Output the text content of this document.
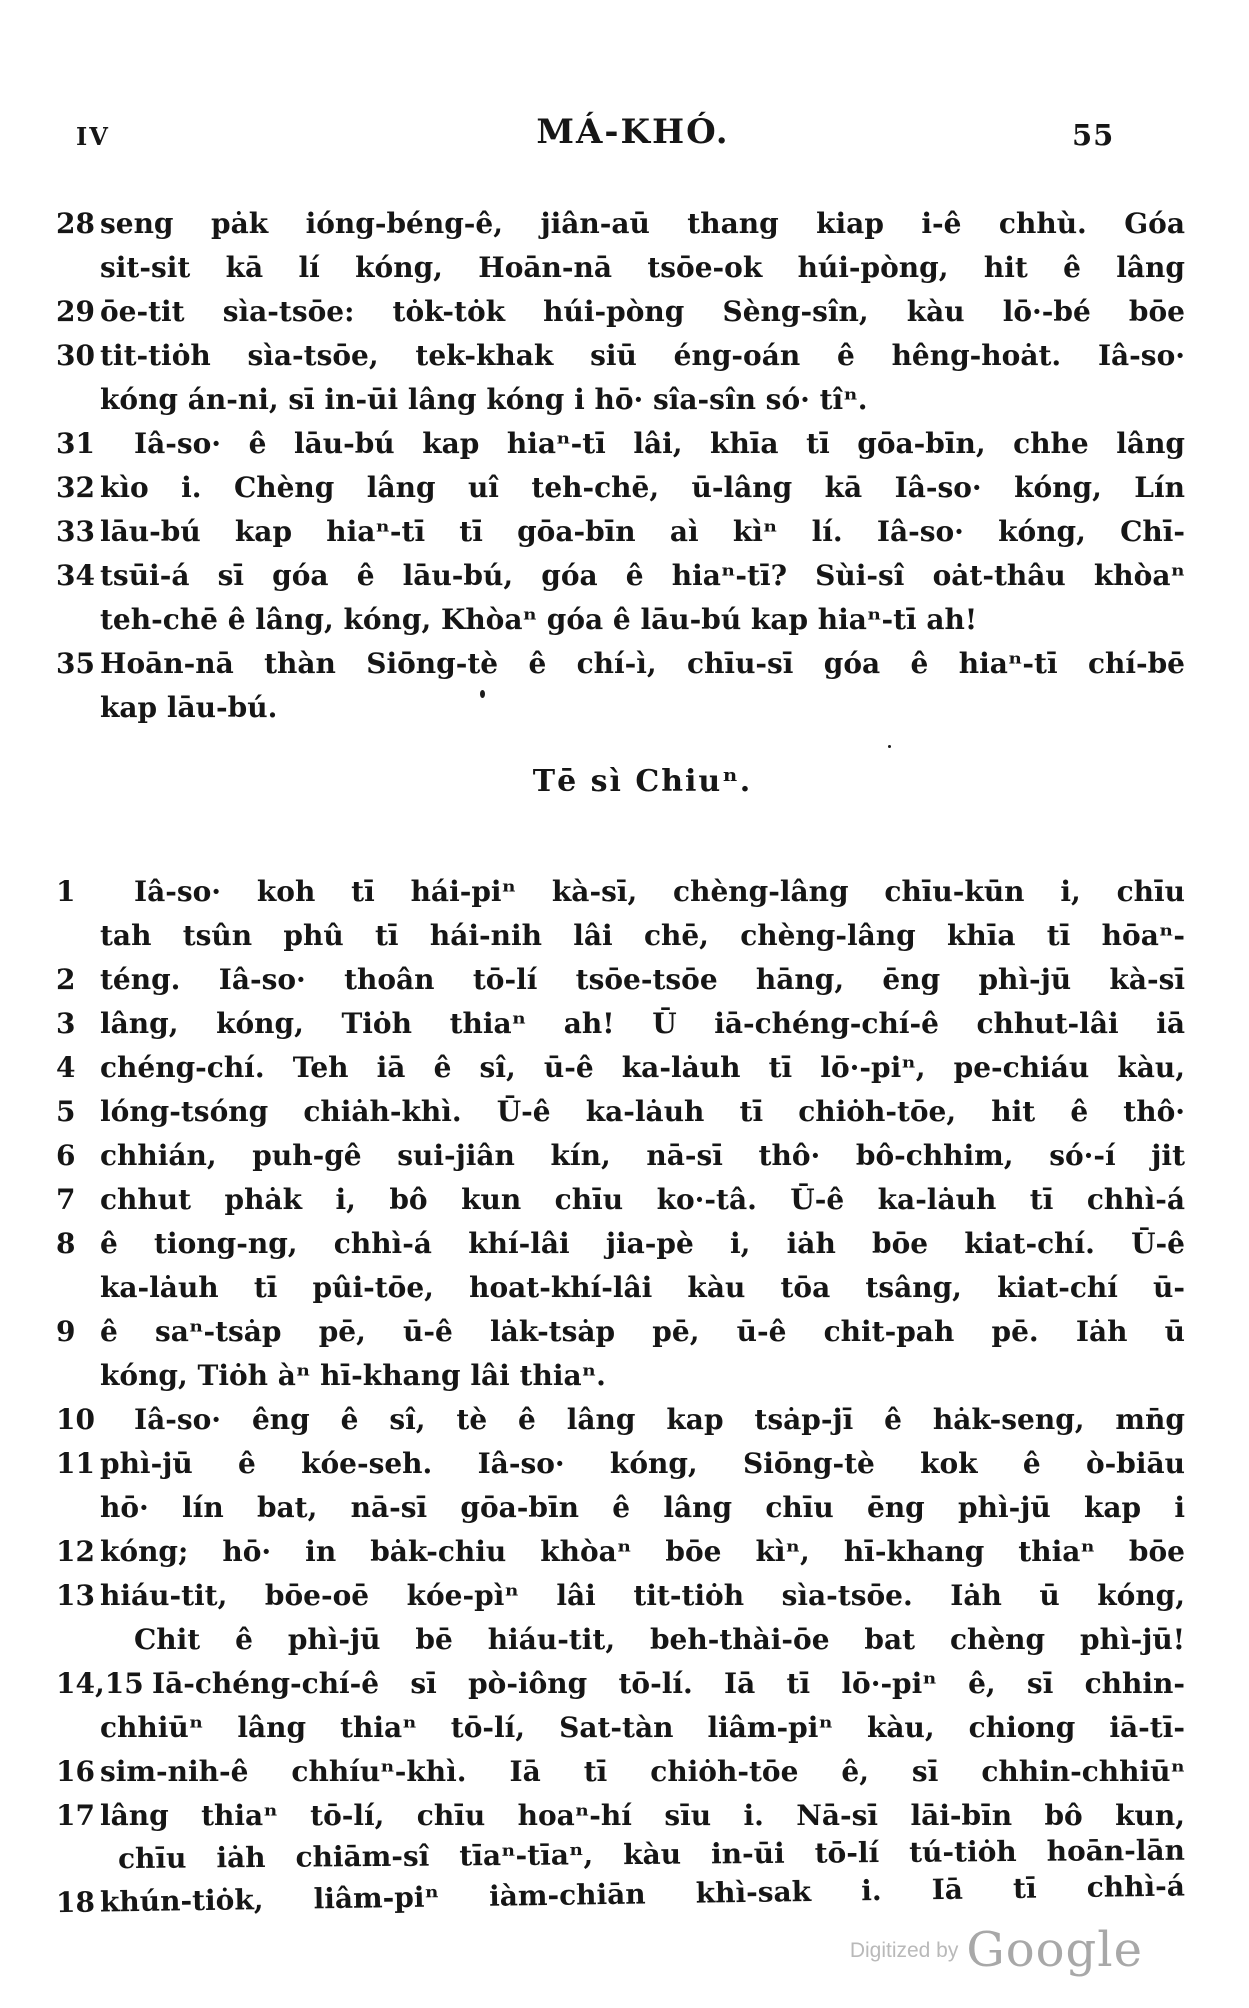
IV	MÁ-KHÓ.	55
28 seng pȧk ióng-béng-ê, jiân-aū thang kiap i-ê chhù. Góa
sit-sit kā lí kóng, Hoān-nā tsōe-ok húi-pòng, hit ê lâng
29 ōe-tit sìa-tsōe: tȯk-tȯk húi-pòng Sèng-sîn, kàu lō·-bé bōe
30 tit-tiȯh sìa-tsōe, tek-khak siū éng-oán ê hêng-hoȧt. Iâ-so·
kóng án-ni, sī in-ūi lâng kóng i hō· sîa-sîn só· tîⁿ.
31	Iâ-so· ê lāu-bú kap hiaⁿ-tī lâi, khīa tī gōa-bīn, chhe lâng
32 kìo i. Chèng lâng uî teh-chē, ū-lâng kā Iâ-so· kóng, Lín
33 lāu-bú kap hiaⁿ-tī tī gōa-bīn aì kìⁿ lí. Iâ-so· kóng, Chī-
34 tsūi-á sī góa ê lāu-bú, góa ê hiaⁿ-tī? Sùi-sî oȧt-thâu khòaⁿ
teh-chē ê lâng, kóng, Khòaⁿ góa ê lāu-bú kap hiaⁿ-tī ah!
35 Hoān-nā thàn Siōng-tè ê chí-ì, chīu-sī góa ê hiaⁿ-tī chí-bē
kap lāu-bú.
Tē sì Chiuⁿ.
1	Iâ-so· koh tī hái-piⁿ kà-sī, chèng-lâng chīu-kūn i, chīu
tah tsûn phû tī hái-nih lâi chē, chèng-lâng khīa tī hōaⁿ-
2 téng. Iâ-so· thoân tō-lí tsōe-tsōe hāng, ēng phì-jū kà-sī
3 lâng, kóng, Tiȯh thiaⁿ ah! Ū iā-chéng-chí-ê chhut-lâi iā
4 chéng-chí. Teh iā ê sî, ū-ê ka-lȧuh tī lō·-piⁿ, pe-chiáu kàu,
5 lóng-tsóng chiȧh-khì. Ū-ê ka-lȧuh tī chiȯh-tōe, hit ê thô·
6 chhián, puh-gê sui-jiân kín, nā-sī thô· bô-chhim, só·-í jit
7 chhut phȧk i, bô kun chīu ko·-tâ. Ū-ê ka-lȧuh tī chhì-á
8 ê tiong-ng, chhì-á khí-lâi jia-pè i, iȧh bōe kiat-chí. Ū-ê
ka-lȧuh tī pûi-tōe, hoat-khí-lâi kàu tōa tsâng, kiat-chí ū-
9 ê saⁿ-tsȧp pē, ū-ê lȧk-tsȧp pē, ū-ê chit-pah pē. Iȧh ū
kóng, Tiȯh àⁿ hī-khang lâi thiaⁿ.
10	Iâ-so· êng ê sî, tè ê lâng kap tsȧp-jī ê hȧk-seng, mn̄g
11 phì-jū ê kóe-seh. Iâ-so· kóng, Siōng-tè kok ê ò-biāu
hō· lín bat, nā-sī gōa-bīn ê lâng chīu ēng phì-jū kap i
12 kóng; hō· in bȧk-chiu khòaⁿ bōe kìⁿ, hī-khang thiaⁿ bōe
13 hiáu-tit, bōe-oē kóe-pìⁿ lâi tit-tiȯh sìa-tsōe. Iȧh ū kóng,
Chit ê phì-jū bē hiáu-tit, beh-thài-ōe bat chèng phì-jū!
14,15 Iā-chéng-chí-ê sī pò-iông tō-lí. Iā tī lō·-piⁿ ê, sī chhin-
chhiūⁿ lâng thiaⁿ tō-lí, Sat-tàn liâm-piⁿ kàu, chiong iā-tī-
16 sim-nih-ê chhíuⁿ-khì. Iā tī chiȯh-tōe ê, sī chhin-chhiūⁿ
17 lâng thiaⁿ tō-lí, chīu hoaⁿ-hí sīu i. Nā-sī lāi-bīn bô kun,
chīu iȧh chiām-sî tīaⁿ-tīaⁿ, kàu in-ūi tō-lí tú-tiȯh hoān-lān
18 khún-tiȯk, liâm-piⁿ iàm-chiān khì-sak i. Iā tī chhì-á
Digitized by Google
